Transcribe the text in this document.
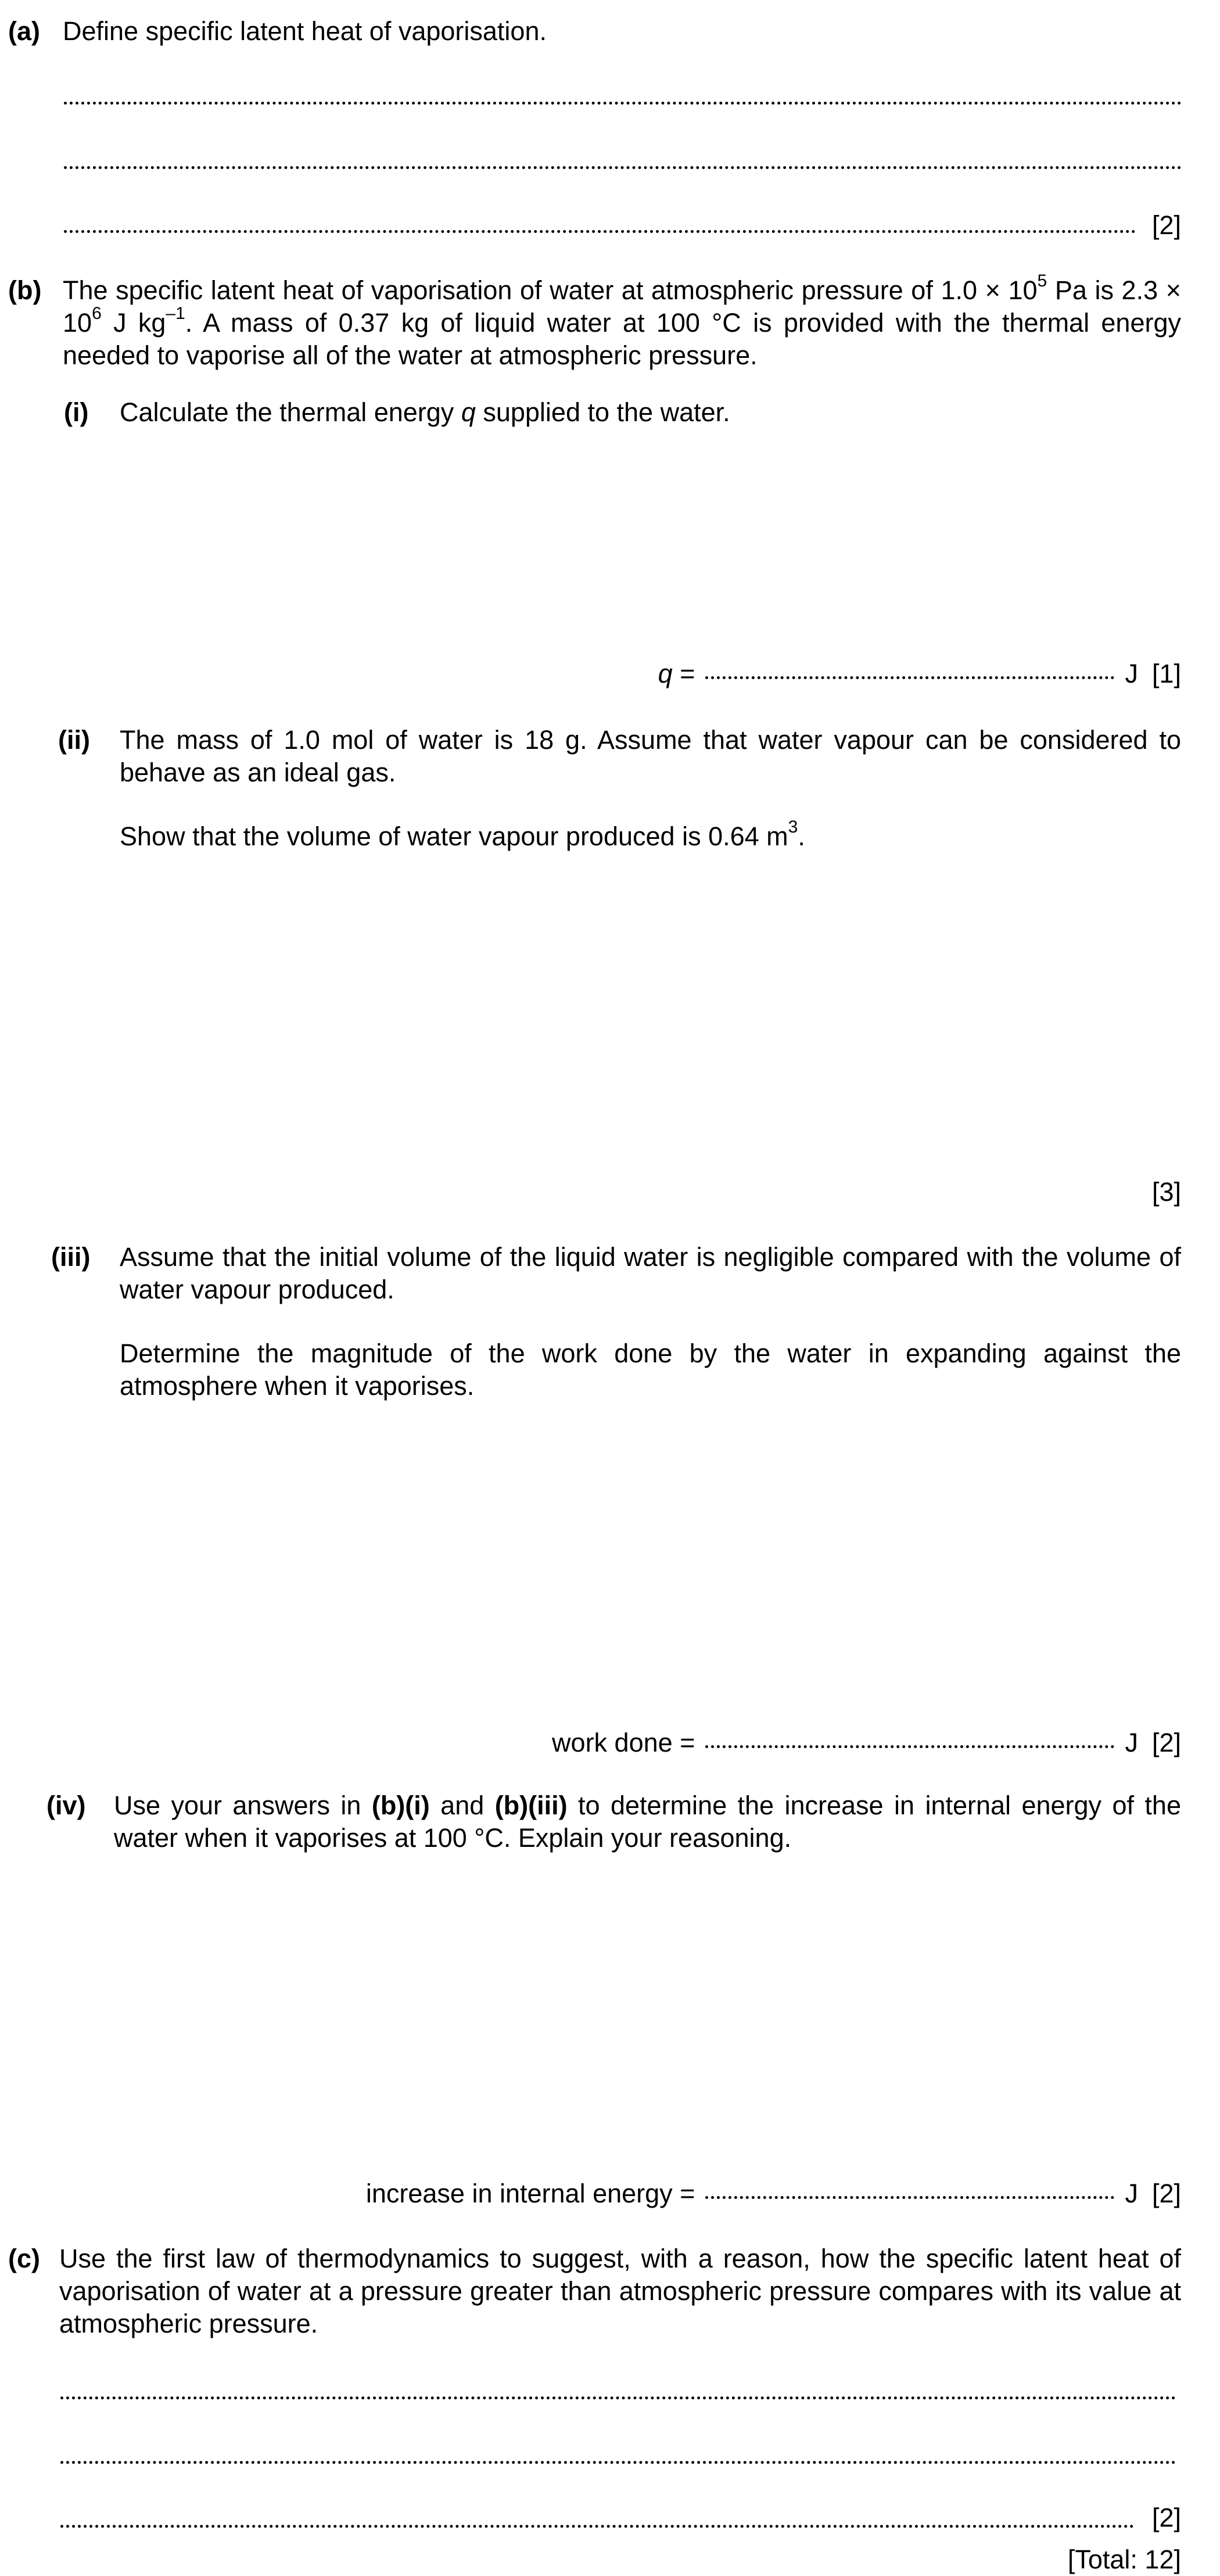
(a) Define specific latent heat of vaporisation.
[2]
(b) The specific latent heat of vaporisation of water at atmospheric pressure of $1.0 \times 10^5$ Pa is $2.3 \times 10^6$ J $kg^{-1}$. A mass of 0.37 kg of liquid water at 100 °C is provided with the thermal energy needed to vaporise all of the water at atmospheric pressure.
(i) Calculate the thermal energy q supplied to the water.
q =	J [1]
(ii) The mass of 1.0 mol of water is 18 g. Assume that water vapour can be considered to behave as an ideal gas.
Show that the volume of water vapour produced is 0.64 $m^3$.
[3]
(iii) Assume that the initial volume of the liquid water is negligible compared with the volume of water vapour produced.
Determine the magnitude of the work done by the water in expanding against the atmosphere when it vaporises.
work done =	J [2]
(iv) Use your answers in (b)(i) and (b)(iii) to determine the increase in internal energy of the water when it vaporises at 100 °C. Explain your reasoning.
increase in internal energy =	J [2]
(c) Use the first law of thermodynamics to suggest, with a reason, how the specific latent heat of vaporisation of water at a pressure greater than atmospheric pressure compares with its value at atmospheric pressure.
[2]
[Total: 12]
